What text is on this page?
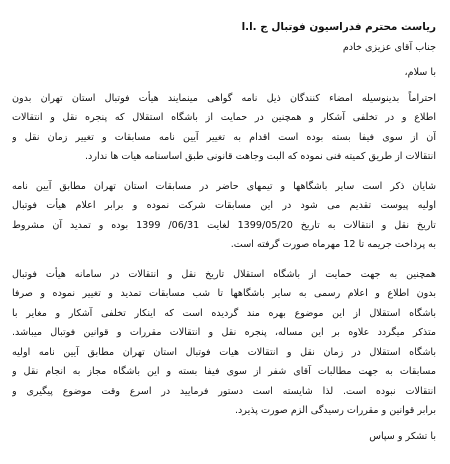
ریاست محترم فدراسیون فوتبال ج .ا.ا
جناب آقای عزیزی خادم
با سلام،
احتراماً بدینوسیله امضاء کنندگان ذیل نامه گواهی مینمایند هیأت فوتبال استان تهران بدون
اطلاع و در تخلفی آشکار و همچنین در حمایت از باشگاه استقلال که پنجره نقل و انتقالات
آن از سوی فیفا بسته بوده است اقدام به تغییر آیین نامه مسابقات و تغییر زمان نقل و
انتقالات از طریق کمیته فنی نموده که البت وجاهت قانونی طبق اساسنامه هیات ها ندارد.
شایان ذکر است سایر باشگاهها و تیمهای حاضر در مسابقات استان تهران مطابق آیین نامه
اولیه پیوست تقدیم می شود در این مسابقات شرکت نموده و برابر اعلام هیأت فوتبال
تاریخ نقل و انتقالات به تاریخ 1399/05/20 لغایت 06/31/ 1399 بوده و تمدید آن مشروط
به پرداخت جریمه تا 12 مهرماه صورت گرفته است.
همچنین به جهت حمایت از باشگاه استقلال تاریخ نقل و انتقالات در سامانه هیأت فوتبال
بدون اطلاع و اعلام رسمی به سایر باشگاهها تا شب مسابقات تمدید و تغییر نموده و صرفا
باشگاه استقلال از این موضوع بهره مند گردیده است که اینکار تخلفی آشکار و مغایر با
متذکر میگردد علاوه بر این مساله، پنجره نقل و انتقالات مقررات و قوانین فوتبال میباشد.
باشگاه استقلال در زمان نقل و انتقالات هیات فوتبال استان تهران مطابق آیین نامه اولیه
مسابقات به جهت مطالبات آقای شفر از سوی فیفا بسته و این باشگاه مجاز به انجام نقل و
انتقالات نبوده است. لذا شایسته است دستور فرمایید در اسرع وقت موضوع پیگیری و
برابر قوانین و مقررات رسیدگی الزم صورت پذیرد.
با تشکر و سپاس
